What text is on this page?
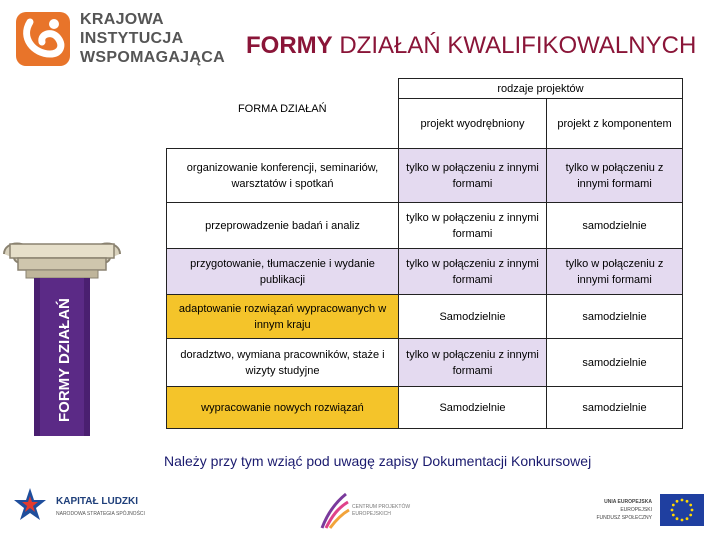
KRAJOWA
INSTYTUCJA
WSPOMAGAJĄCA FORMY DZIAŁAŃ KWALIFIKOWALNYCH
FORMY DZIAŁAŃ
FORMA DZIAŁAŃ	rodzaje projektów	
	projekt wyodrębniony	projekt z komponentem
organizowanie konferencji, seminariów, warsztatów i spotkań	tylko w połączeniu z innymi formami	tylko w połączeniu z innymi formami
przeprowadzenie badań i analiz	tylko w połączeniu z innymi formami	samodzielnie
przygotowanie, tłumaczenie i wydanie publikacji	tylko w połączeniu z innymi formami	tylko w połączeniu z innymi formami
adaptowanie rozwiązań wypracowanych w innym kraju	Samodzielnie	samodzielnie
doradztwo, wymiana pracowników, staże i wizyty studyjne	tylko w połączeniu z innymi formami	samodzielnie
wypracowanie nowych rozwiązań	Samodzielnie	samodzielnie
Należy przy tym wziąć pod uwagę zapisy Dokumentacji Konkursowej
KAPITAŁ LUDZKI
NARODOWA STRATEGIA SPÓJNOŚCI
CENTRUM PROJEKTÓW
EUROPEJSKICH
UNIA EUROPEJSKA
EUROPEJSKI
FUNDUSZ SPOŁECZNY
